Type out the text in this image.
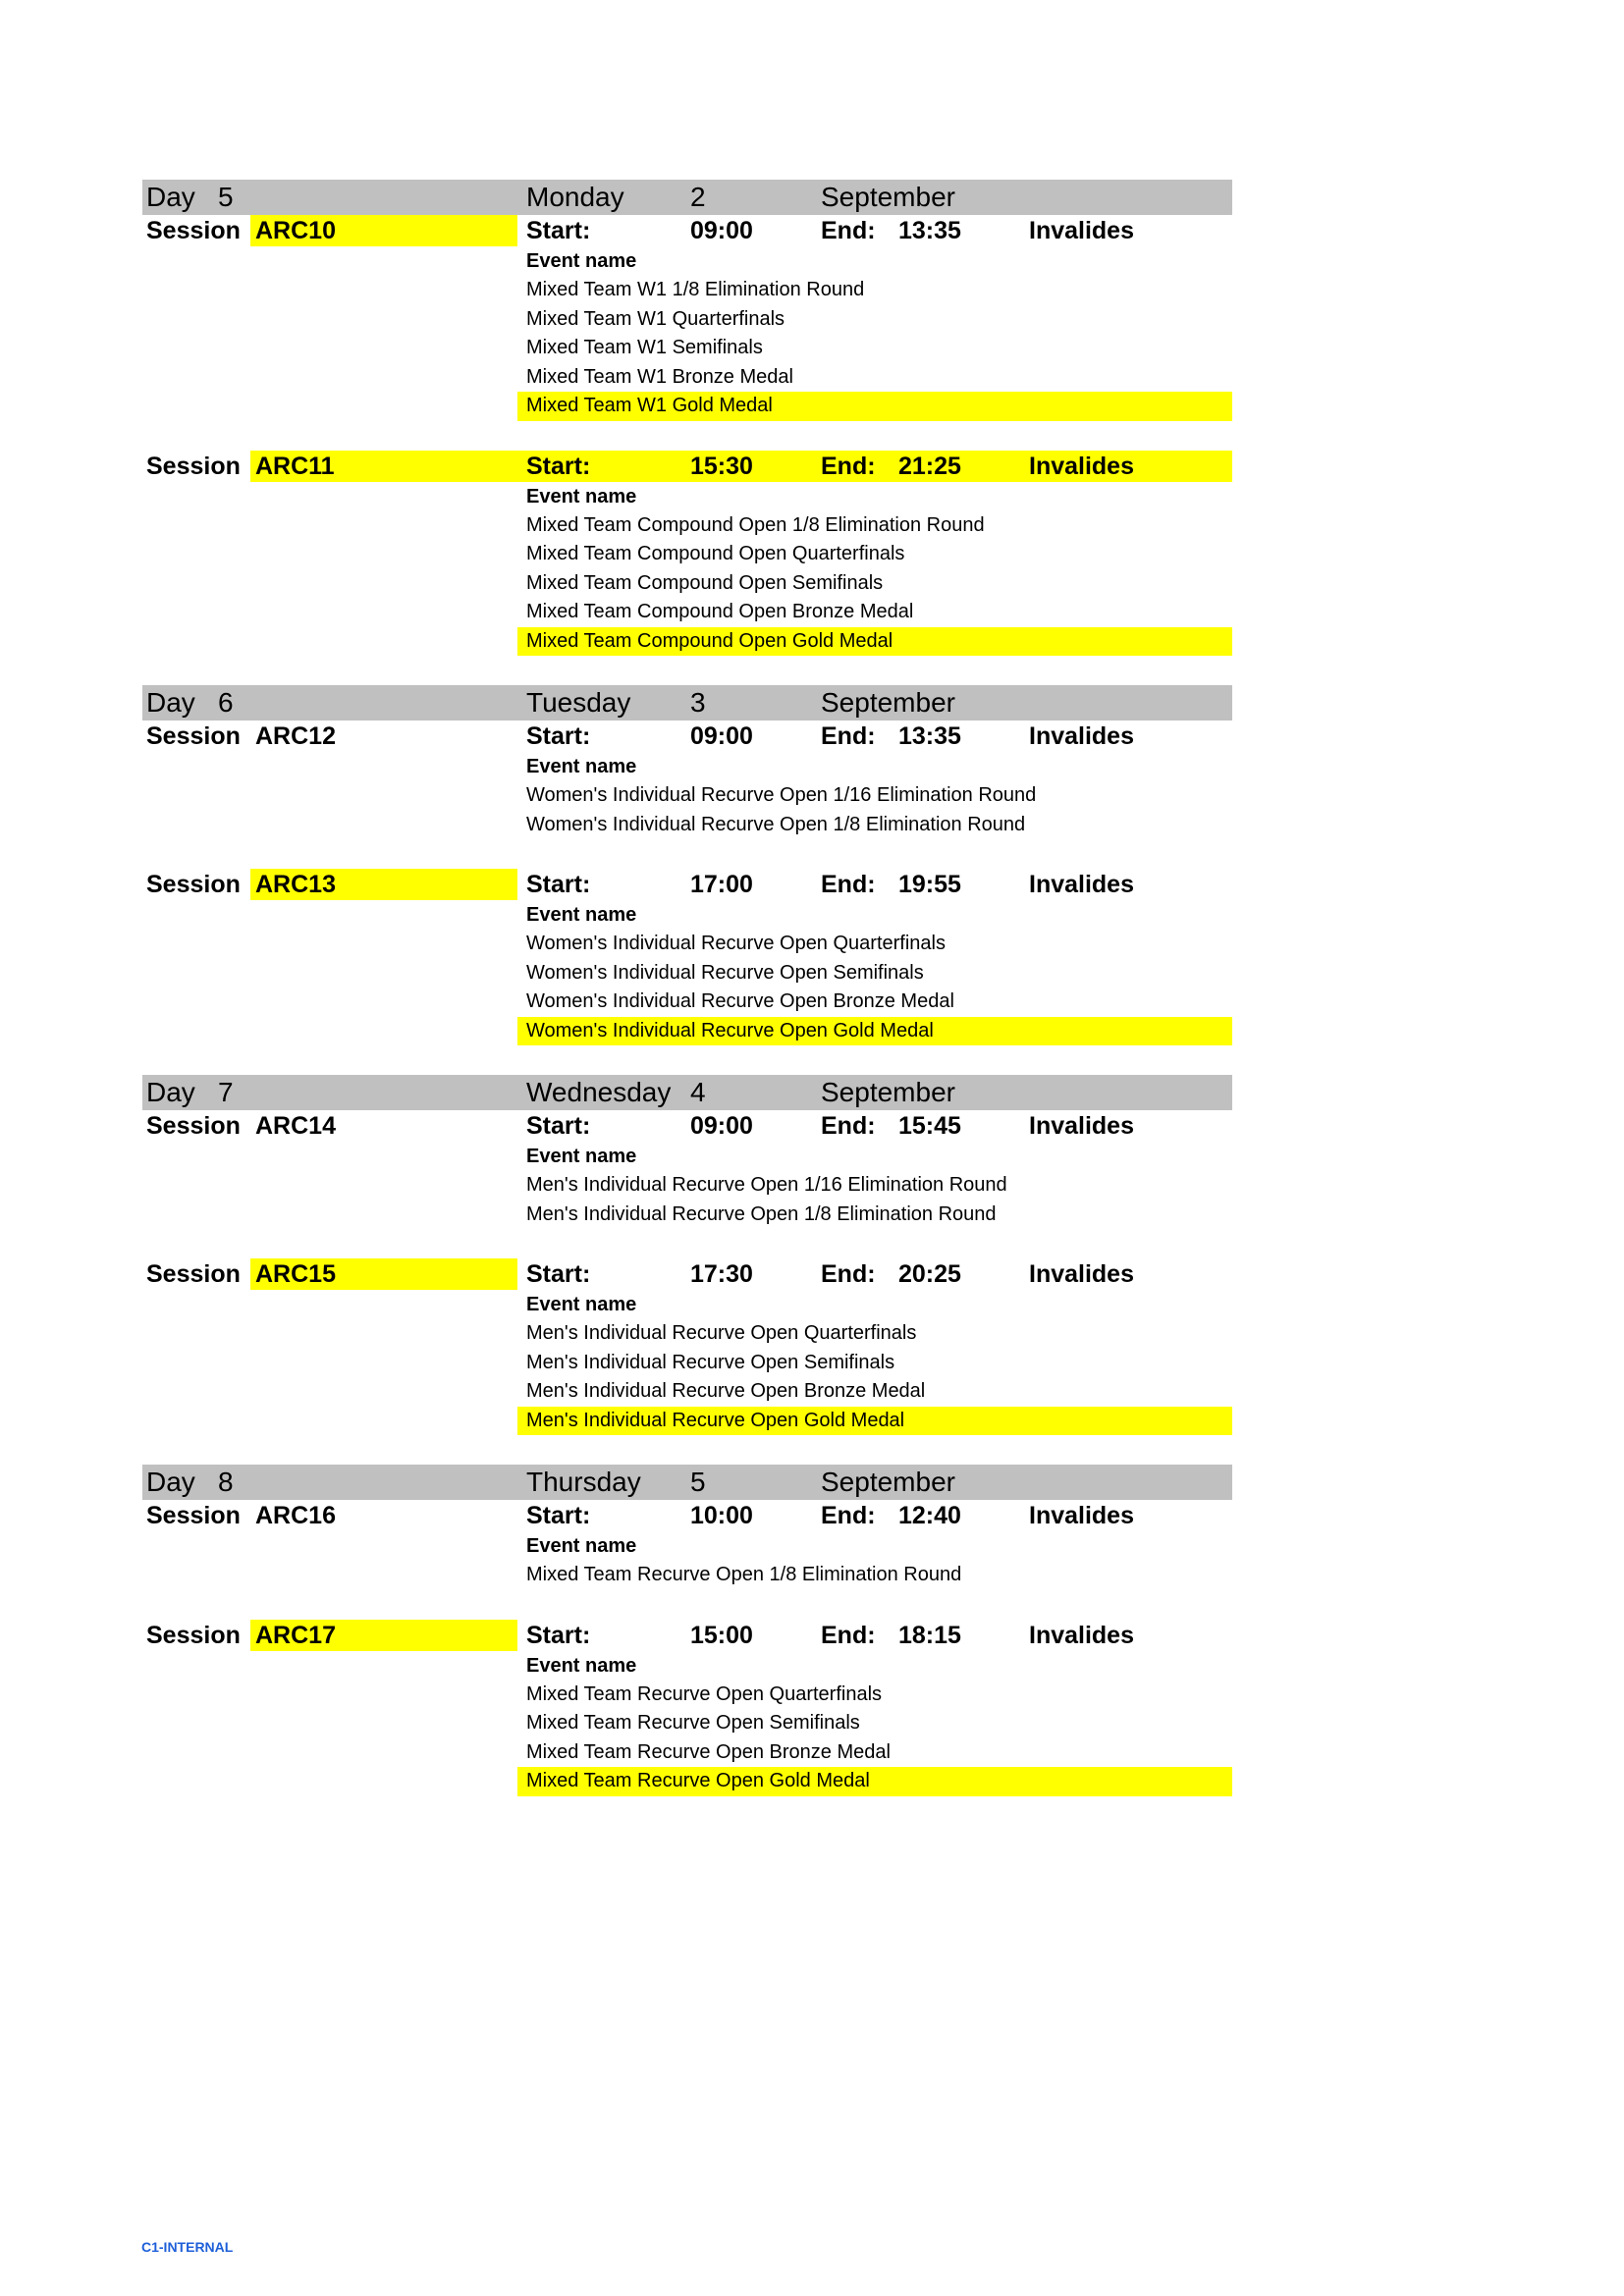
Day 5	Monday 2	September
Session ARC10	Start:	09:00	End: 13:35	Invalides
Event name
Mixed Team W1 1/8 Elimination Round
Mixed Team W1 Quarterfinals
Mixed Team W1 Semifinals
Mixed Team W1 Bronze Medal
Mixed Team W1 Gold Medal
Session ARC11	Start:	15:30	End: 21:25	Invalides
Event name
Mixed Team Compound Open 1/8 Elimination Round
Mixed Team Compound Open Quarterfinals
Mixed Team Compound Open Semifinals
Mixed Team Compound Open Bronze Medal
Mixed Team Compound Open Gold Medal
Day 6	Tuesday 3	September
Session ARC12	Start:	09:00	End: 13:35	Invalides
Event name
Women's Individual Recurve Open 1/16 Elimination Round
Women's Individual Recurve Open 1/8 Elimination Round
Session ARC13	Start:	17:00	End: 19:55	Invalides
Event name
Women's Individual Recurve Open Quarterfinals
Women's Individual Recurve Open Semifinals
Women's Individual Recurve Open Bronze Medal
Women's Individual Recurve Open Gold Medal
Day 7	Wednesday 4	September
Session ARC14	Start:	09:00	End: 15:45	Invalides
Event name
Men's Individual Recurve Open 1/16 Elimination Round
Men's Individual Recurve Open 1/8 Elimination Round
Session ARC15	Start:	17:30	End: 20:25	Invalides
Event name
Men's Individual Recurve Open Quarterfinals
Men's Individual Recurve Open Semifinals
Men's Individual Recurve Open Bronze Medal
Men's Individual Recurve Open Gold Medal
Day 8	Thursday 5	September
Session ARC16	Start:	10:00	End: 12:40	Invalides
Event name
Mixed Team Recurve Open 1/8 Elimination Round
Session ARC17	Start:	15:00	End: 18:15	Invalides
Event name
Mixed Team Recurve Open Quarterfinals
Mixed Team Recurve Open Semifinals
Mixed Team Recurve Open Bronze Medal
Mixed Team Recurve Open Gold Medal
C1-INTERNAL
